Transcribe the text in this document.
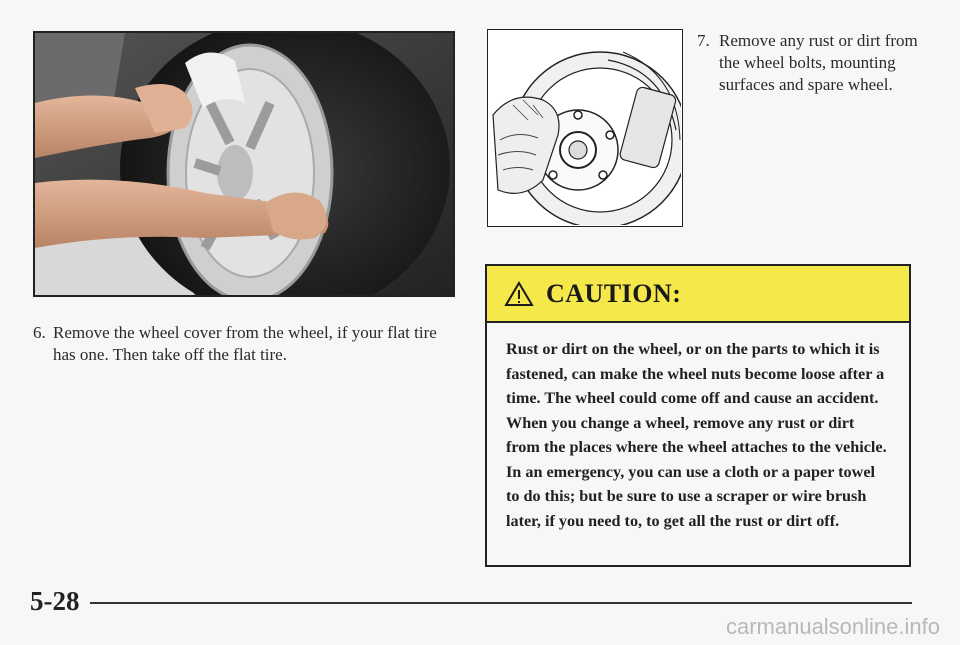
7. Remove any rust or dirt from the wheel bolts, mounting surfaces and spare wheel.
6. Remove the wheel cover from the wheel, if your flat tire has one. Then take off the flat tire.
CAUTION:
Rust or dirt on the wheel, or on the parts to which it is fastened, can make the wheel nuts become loose after a time. The wheel could come off and cause an accident. When you change a wheel, remove any rust or dirt from the places where the wheel attaches to the vehicle. In an emergency, you can use a cloth or a paper towel to do this; but be sure to use a scraper or wire brush later, if you need to, to get all the rust or dirt off.
5-28
carmanualsonline.info
